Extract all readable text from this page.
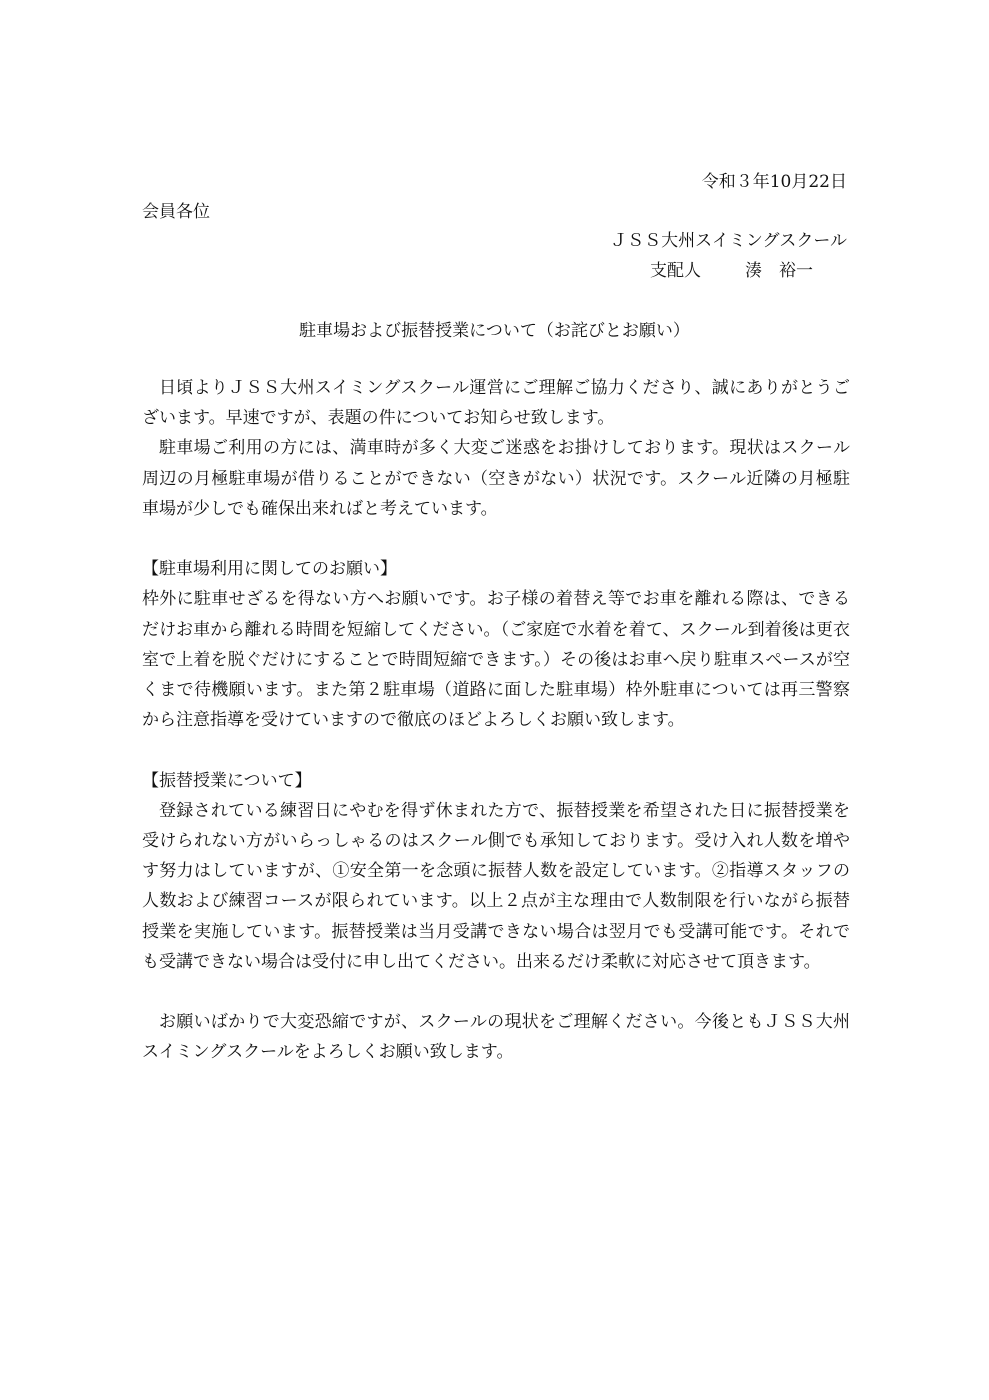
令和３年10月22日
会員各位
ＪＳＳ大州スイミングスクール
支配人	湊　裕一
駐車場および振替授業について（お詫びとお願い）

日頃よりＪＳＳ大州スイミングスクール運営にご理解ご協力くださり、誠にありがとうございます。早速ですが、表題の件についてお知らせ致します。

駐車場ご利用の方には、満車時が多く大変ご迷惑をお掛けしております。現状はスクール周辺の月極駐車場が借りることができない（空きがない）状況です。スクール近隣の月極駐車場が少しでも確保出来ればと考えています。

【駐車場利用に関してのお願い】

枠外に駐車せざるを得ない方へお願いです。お子様の着替え等でお車を離れる際は、できるだけお車から離れる時間を短縮してください。（ご家庭で水着を着て、スクール到着後は更衣室で上着を脱ぐだけにすることで時間短縮できます。）その後はお車へ戻り駐車スペースが空くまで待機願います。また第２駐車場（道路に面した駐車場）枠外駐車については再三警察から注意指導を受けていますので徹底のほどよろしくお願い致します。

【振替授業について】

登録されている練習日にやむを得ず休まれた方で、振替授業を希望された日に振替授業を受けられない方がいらっしゃるのはスクール側でも承知しております。受け入れ人数を増やす努力はしていますが、①安全第一を念頭に振替人数を設定しています。②指導スタッフの人数および練習コースが限られています。以上２点が主な理由で人数制限を行いながら振替授業を実施しています。振替授業は当月受講できない場合は翌月でも受講可能です。それでも受講できない場合は受付に申し出てください。出来るだけ柔軟に対応させて頂きます。

お願いばかりで大変恐縮ですが、スクールの現状をご理解ください。今後ともＪＳＳ大州スイミングスクールをよろしくお願い致します。
